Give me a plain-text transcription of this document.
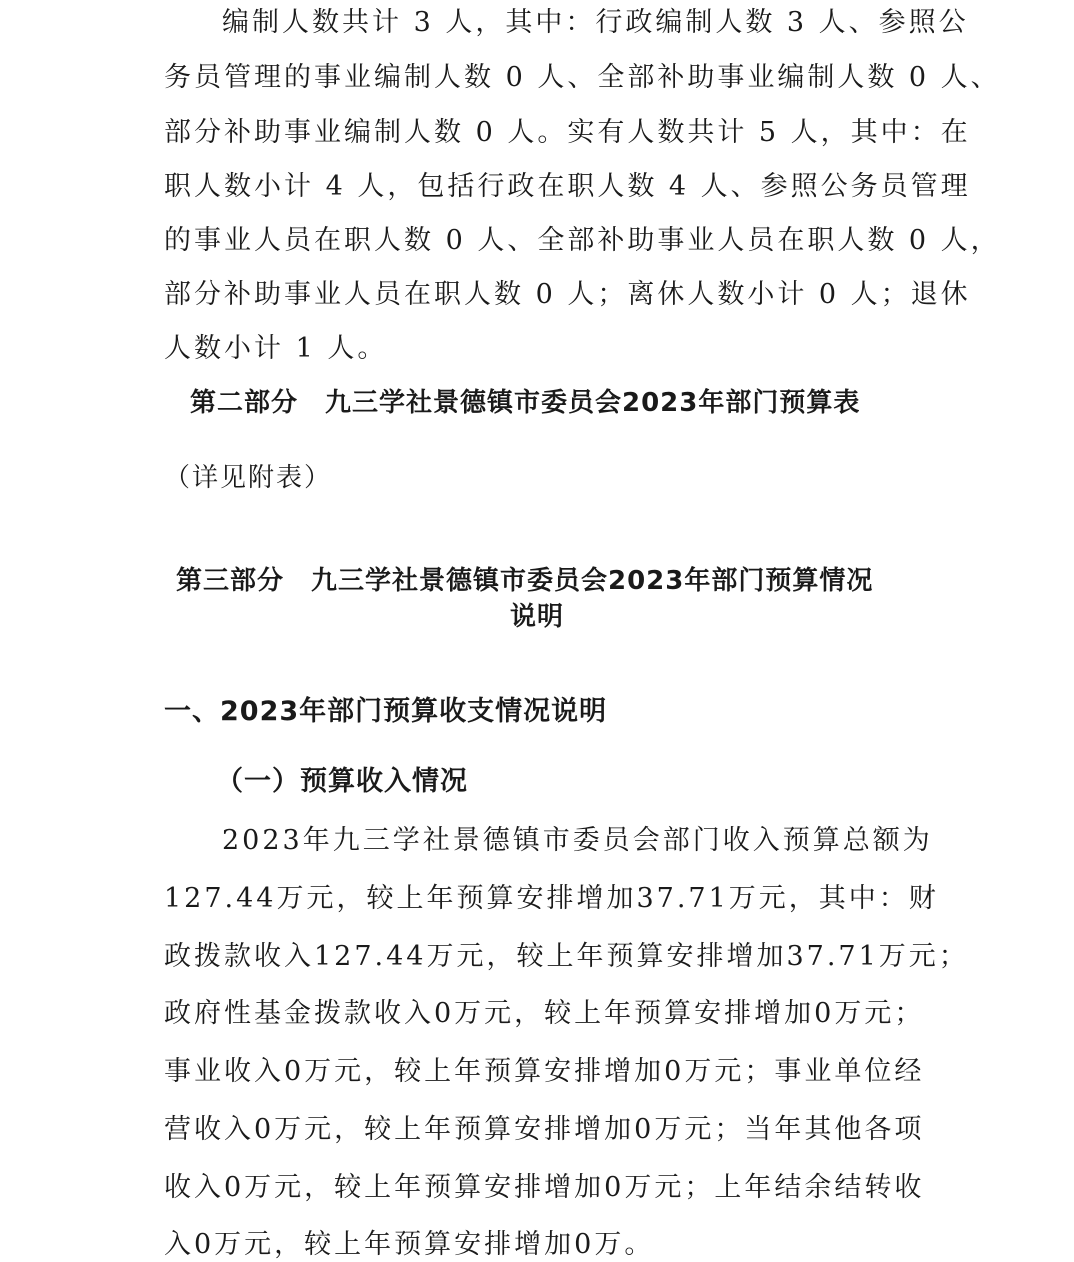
编制人数共计 3 人，其中：行政编制人数 3 人、参照公
务员管理的事业编制人数 0 人、全部补助事业编制人数 0 人、
部分补助事业编制人数 0 人。实有人数共计 5 人，其中：在
职人数小计 4 人，包括行政在职人数 4 人、参照公务员管理
的事业人员在职人数 0 人、全部补助事业人员在职人数 0 人，
部分补助事业人员在职人数 0 人；离休人数小计 0 人；退休
人数小计 1 人。
第二部分　九三学社景德镇市委员会2023年部门预算表
（详见附表）
第三部分　九三学社景德镇市委员会2023年部门预算情况
说明
一、2023年部门预算收支情况说明
（一）预算收入情况
2023年九三学社景德镇市委员会部门收入预算总额为
127.44万元，较上年预算安排增加37.71万元，其中：财
政拨款收入127.44万元，较上年预算安排增加37.71万元；
政府性基金拨款收入0万元，较上年预算安排增加0万元；
事业收入0万元，较上年预算安排增加0万元；事业单位经
营收入0万元，较上年预算安排增加0万元；当年其他各项
收入0万元，较上年预算安排增加0万元；上年结余结转收
入0万元，较上年预算安排增加0万。
